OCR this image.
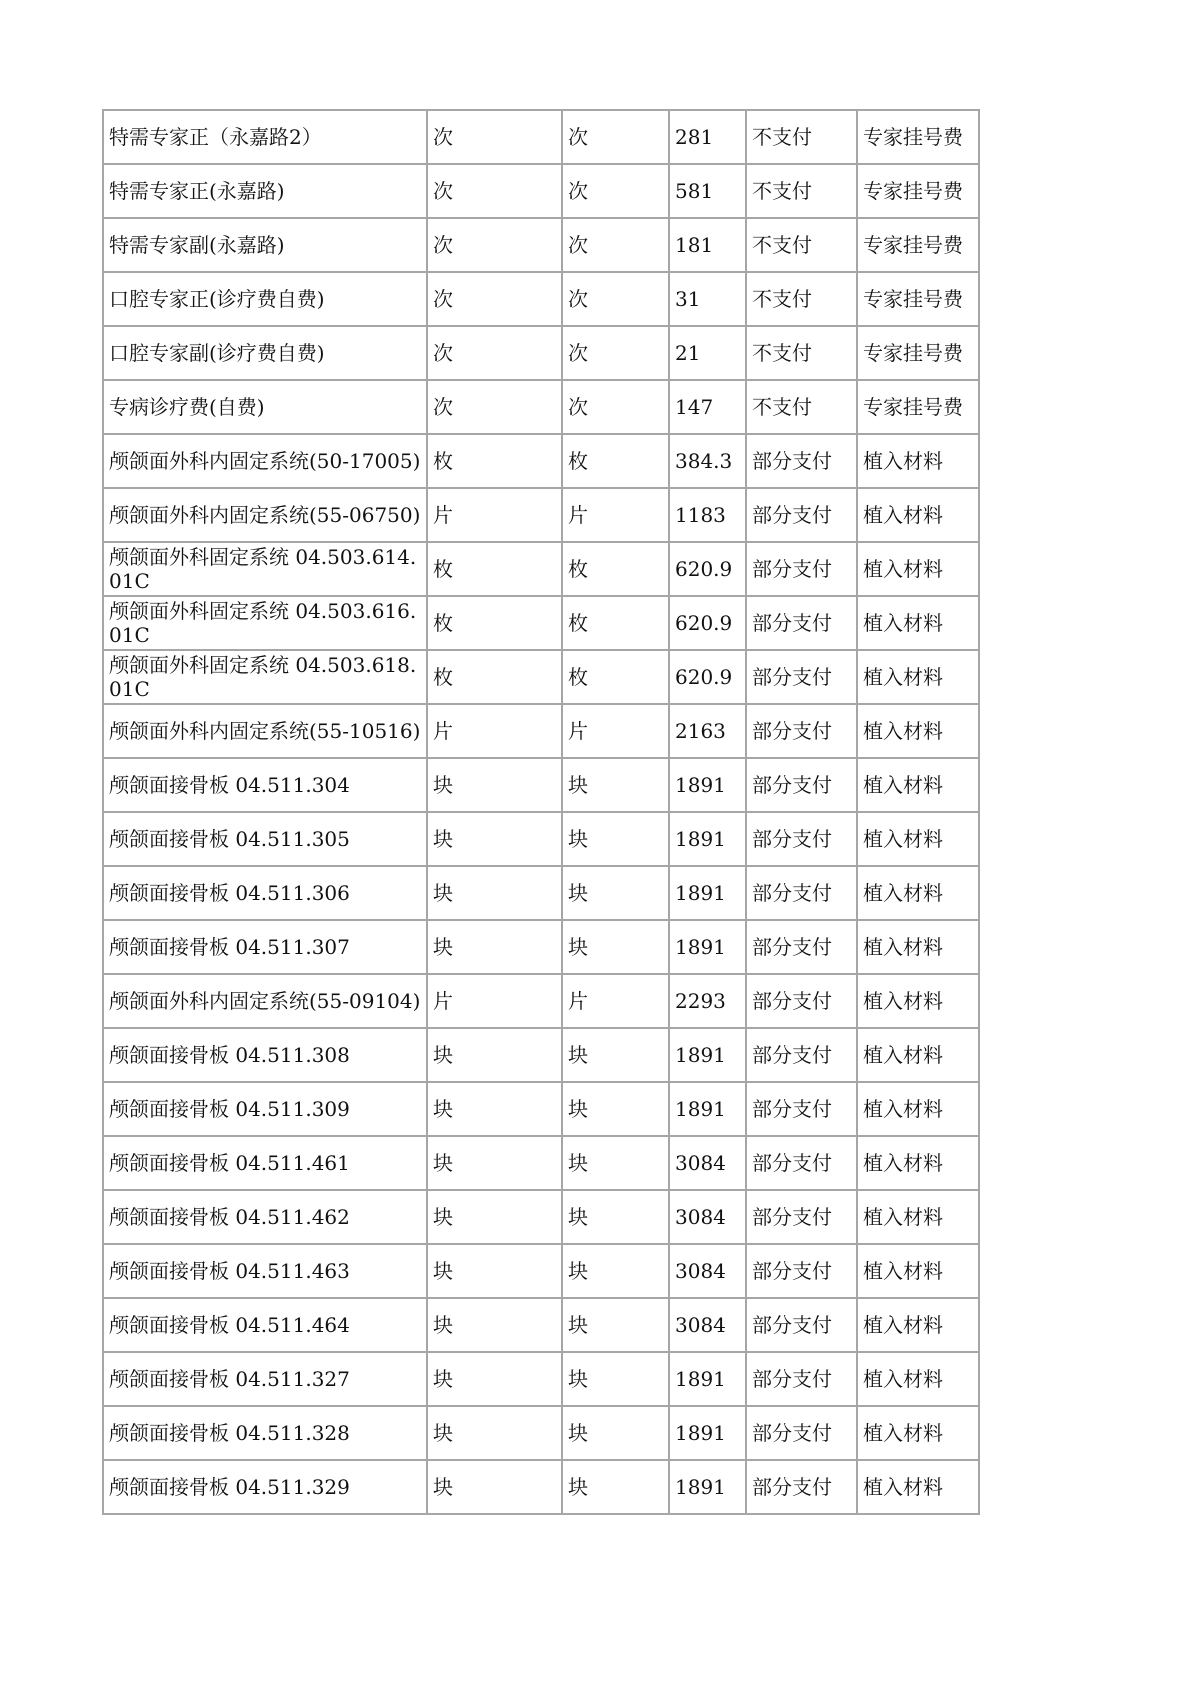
特需专家正（永嘉路2）	次	次	281	不支付	专家挂号费
特需专家正(永嘉路)	次	次	581	不支付	专家挂号费
特需专家副(永嘉路)	次	次	181	不支付	专家挂号费
口腔专家正(诊疗费自费)	次	次	31	不支付	专家挂号费
口腔专家副(诊疗费自费)	次	次	21	不支付	专家挂号费
专病诊疗费(自费)	次	次	147	不支付	专家挂号费
颅颌面外科内固定系统(50-17005)	枚	枚	384.3	部分支付	植入材料
颅颌面外科内固定系统(55-06750)	片	片	1183	部分支付	植入材料
颅颌面外科固定系统 04.503.614.01C	枚	枚	620.9	部分支付	植入材料
颅颌面外科固定系统 04.503.616.01C	枚	枚	620.9	部分支付	植入材料
颅颌面外科固定系统 04.503.618.01C	枚	枚	620.9	部分支付	植入材料
颅颌面外科内固定系统(55-10516)	片	片	2163	部分支付	植入材料
颅颌面接骨板 04.511.304	块	块	1891	部分支付	植入材料
颅颌面接骨板 04.511.305	块	块	1891	部分支付	植入材料
颅颌面接骨板 04.511.306	块	块	1891	部分支付	植入材料
颅颌面接骨板 04.511.307	块	块	1891	部分支付	植入材料
颅颌面外科内固定系统(55-09104)	片	片	2293	部分支付	植入材料
颅颌面接骨板 04.511.308	块	块	1891	部分支付	植入材料
颅颌面接骨板 04.511.309	块	块	1891	部分支付	植入材料
颅颌面接骨板 04.511.461	块	块	3084	部分支付	植入材料
颅颌面接骨板 04.511.462	块	块	3084	部分支付	植入材料
颅颌面接骨板 04.511.463	块	块	3084	部分支付	植入材料
颅颌面接骨板 04.511.464	块	块	3084	部分支付	植入材料
颅颌面接骨板 04.511.327	块	块	1891	部分支付	植入材料
颅颌面接骨板 04.511.328	块	块	1891	部分支付	植入材料
颅颌面接骨板 04.511.329	块	块	1891	部分支付	植入材料
